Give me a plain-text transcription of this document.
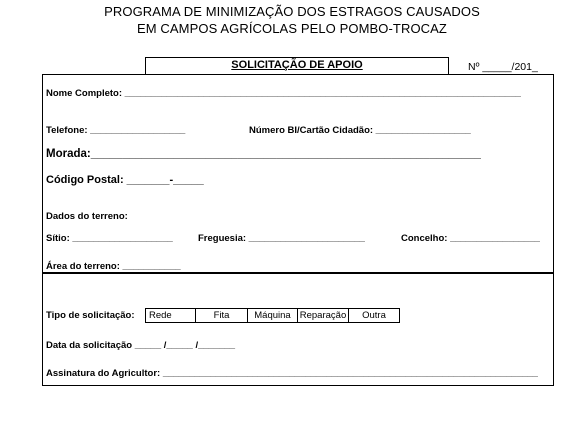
PROGRAMA DE MINIMIZAÇÃO DOS ESTRAGOS CAUSADOS
EM CAMPOS AGRÍCOLAS PELO POMBO-TROCAZ
SOLICITAÇÃO DE APOIO	Nº _____/201_
Nome Completo: ___________________________________________________________________________
Telefone: __________________	Número BI/Cartão Cidadão: __________________
Morada:_____________________________________________________________
Código Postal: _______-_____
Dados do terreno:
Sítio: ___________________	Freguesia: ______________________	Concelho: _________________
Área do terreno: ___________
Tipo de solicitação:	Rede	Fita	Máquina Reparação	Outra
Data da solicitação _____ /_____ /_______
Assinatura do Agricultor: _______________________________________________________________________
